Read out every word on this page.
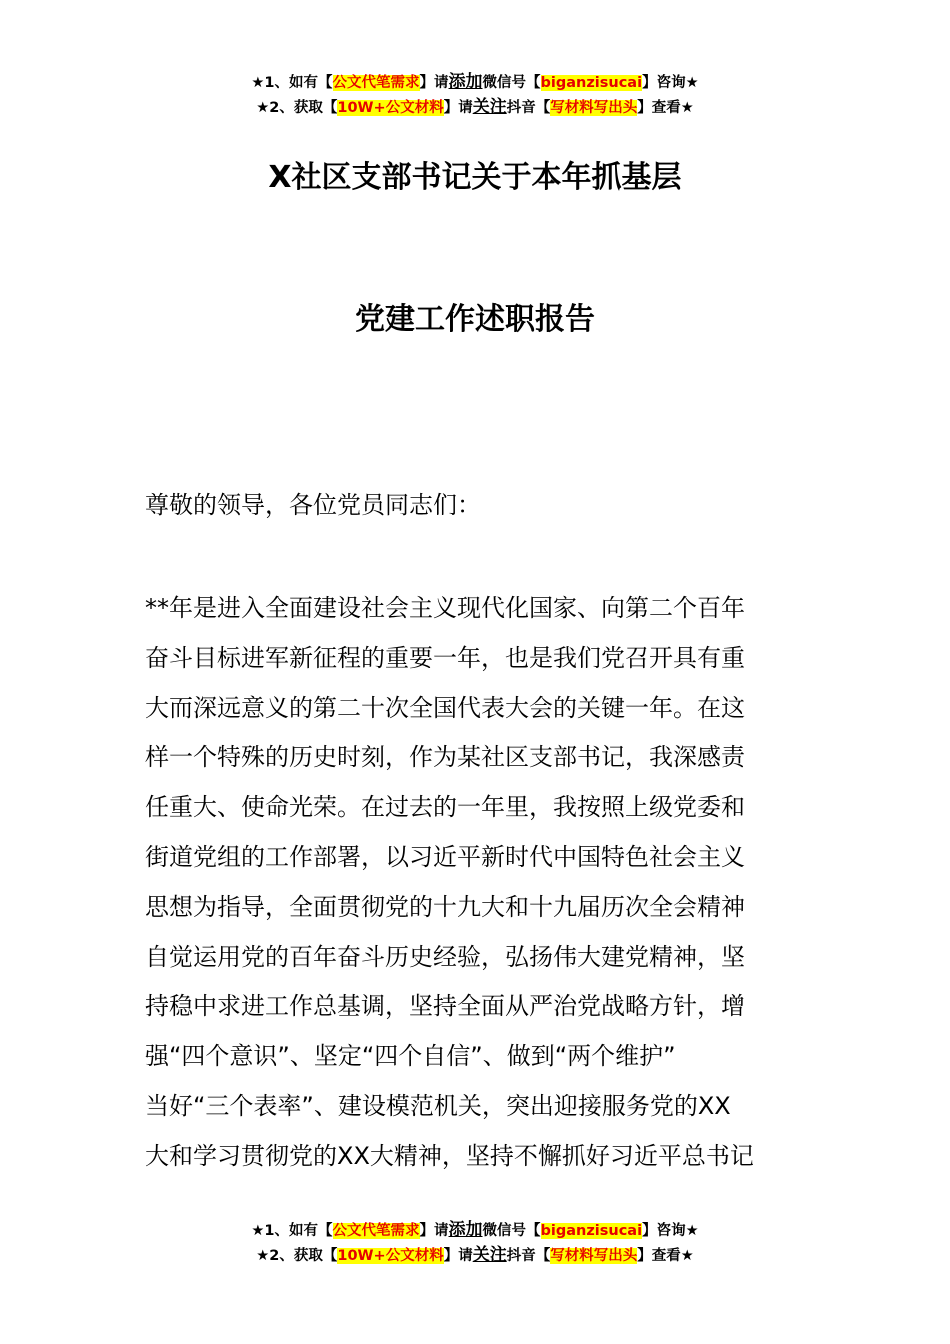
★1、如有【公文代笔需求】请添加微信号【biganzisucai】咨询★
★2、获取【10W+公文材料】请关注抖音【写材料写出头】查看★
X社区支部书记关于本年抓基层
党建工作述职报告
尊敬的领导，各位党员同志们：
**年是进入全面建设社会主义现代化国家、向第二个百年
奋斗目标进军新征程的重要一年，也是我们党召开具有重
大而深远意义的第二十次全国代表大会的关键一年。在这
样一个特殊的历史时刻，作为某社区支部书记，我深感责
任重大、使命光荣。在过去的一年里，我按照上级党委和
街道党组的工作部署，以习近平新时代中国特色社会主义
思想为指导，全面贯彻党的十九大和十九届历次全会精神
自觉运用党的百年奋斗历史经验，弘扬伟大建党精神，坚
持稳中求进工作总基调，坚持全面从严治党战略方针，增
强“四个意识”、坚定“四个自信”、做到“两个维护”
当好“三个表率”、建设模范机关，突出迎接服务党的XX
大和学习贯彻党的XX大精神，坚持不懈抓好习近平总书记
★1、如有【公文代笔需求】请添加微信号【biganzisucai】咨询★
★2、获取【10W+公文材料】请关注抖音【写材料写出头】查看★
